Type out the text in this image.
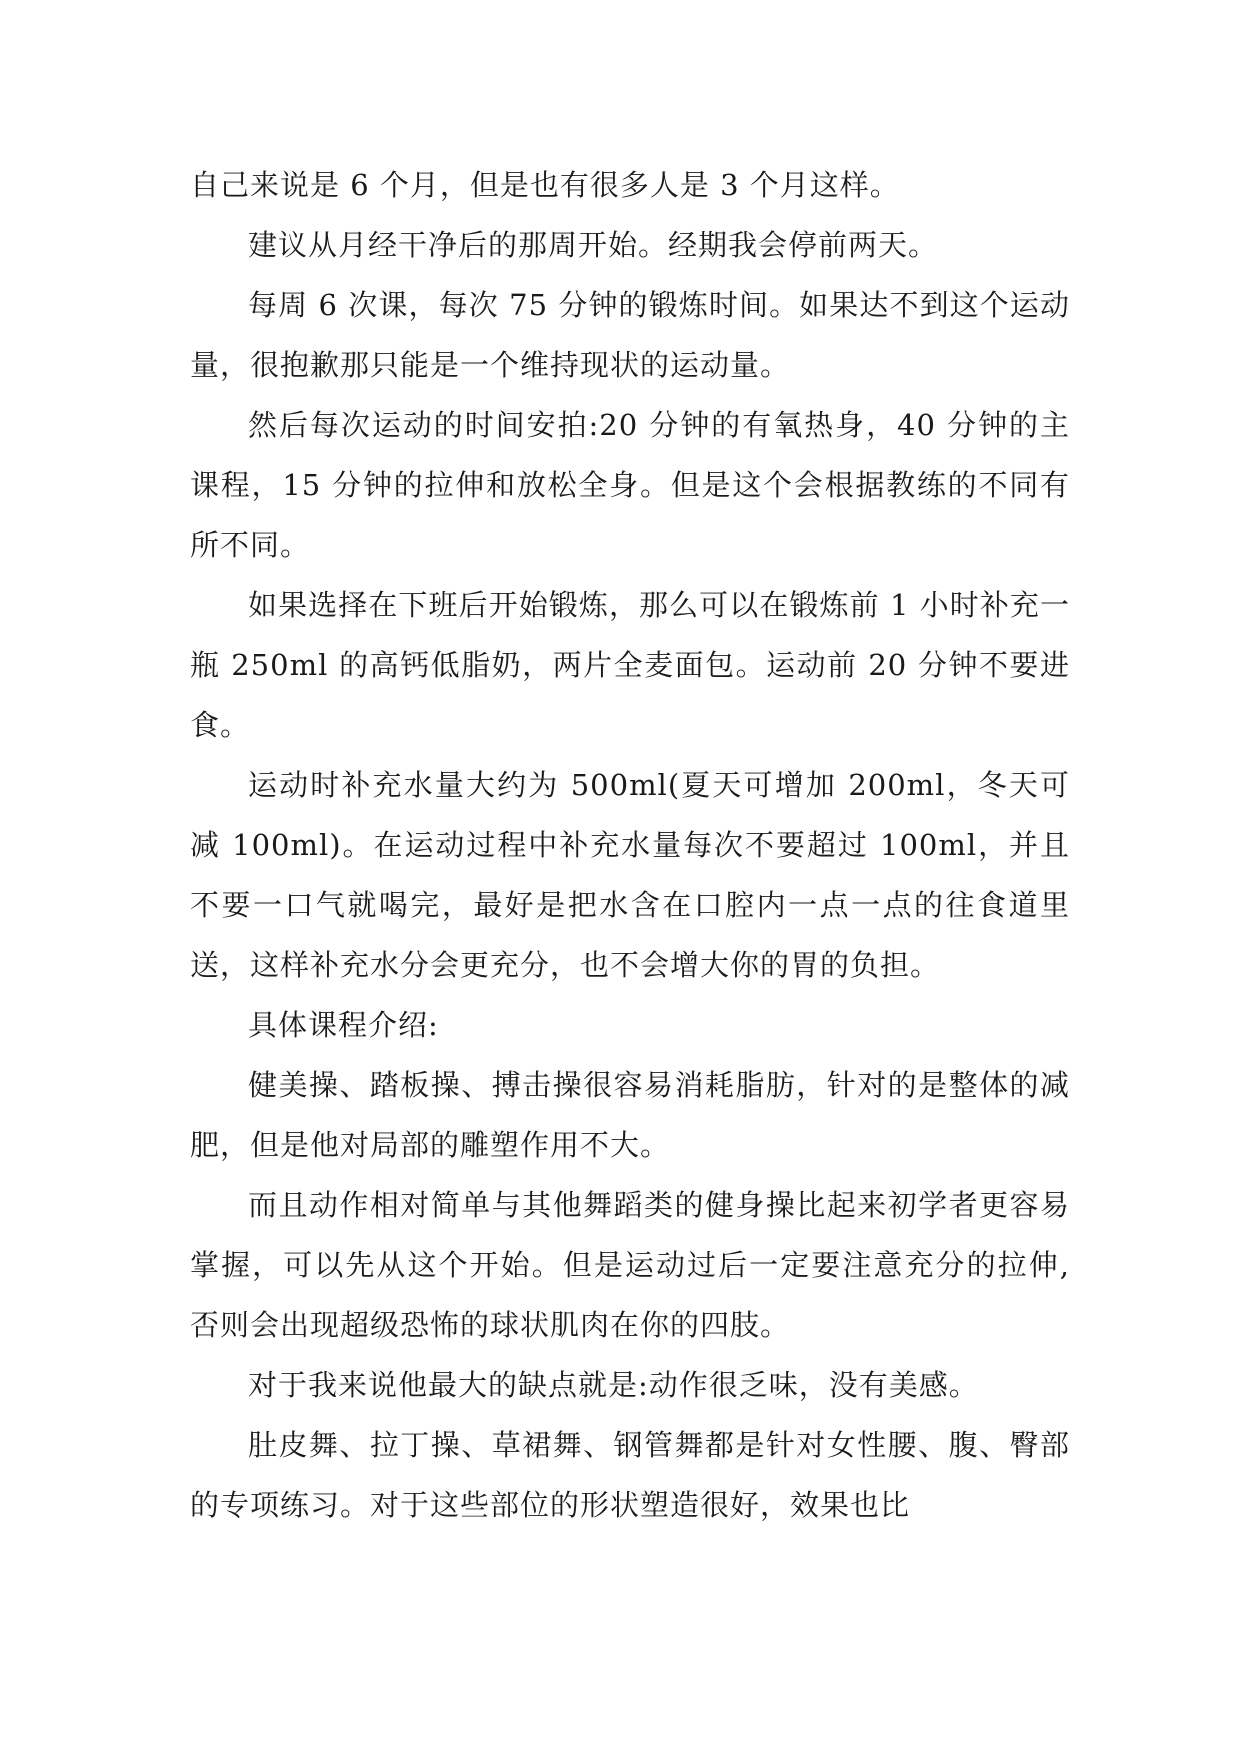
自己来说是 6 个月，但是也有很多人是 3 个月这样。

建议从月经干净后的那周开始。经期我会停前两天。

每周 6 次课，每次 75 分钟的锻炼时间。如果达不到这个运动量，很抱歉那只能是一个维持现状的运动量。

然后每次运动的时间安拍:20 分钟的有氧热身，40 分钟的主课程，15 分钟的拉伸和放松全身。但是这个会根据教练的不同有所不同。

如果选择在下班后开始锻炼，那么可以在锻炼前 1 小时补充一瓶 250ml 的高钙低脂奶，两片全麦面包。运动前 20 分钟不要进食。

运动时补充水量大约为 500ml(夏天可增加 200ml，冬天可减 100ml)。在运动过程中补充水量每次不要超过 100ml，并且不要一口气就喝完，最好是把水含在口腔内一点一点的往食道里送，这样补充水分会更充分，也不会增大你的胃的负担。

具体课程介绍:

健美操、踏板操、搏击操很容易消耗脂肪，针对的是整体的减肥，但是他对局部的雕塑作用不大。

而且动作相对简单与其他舞蹈类的健身操比起来初学者更容易掌握，可以先从这个开始。但是运动过后一定要注意充分的拉伸,否则会出现超级恐怖的球状肌肉在你的四肢。

对于我来说他最大的缺点就是:动作很乏味，没有美感。

肚皮舞、拉丁操、草裙舞、钢管舞都是针对女性腰、腹、臀部的专项练习。对于这些部位的形状塑造很好，效果也比
